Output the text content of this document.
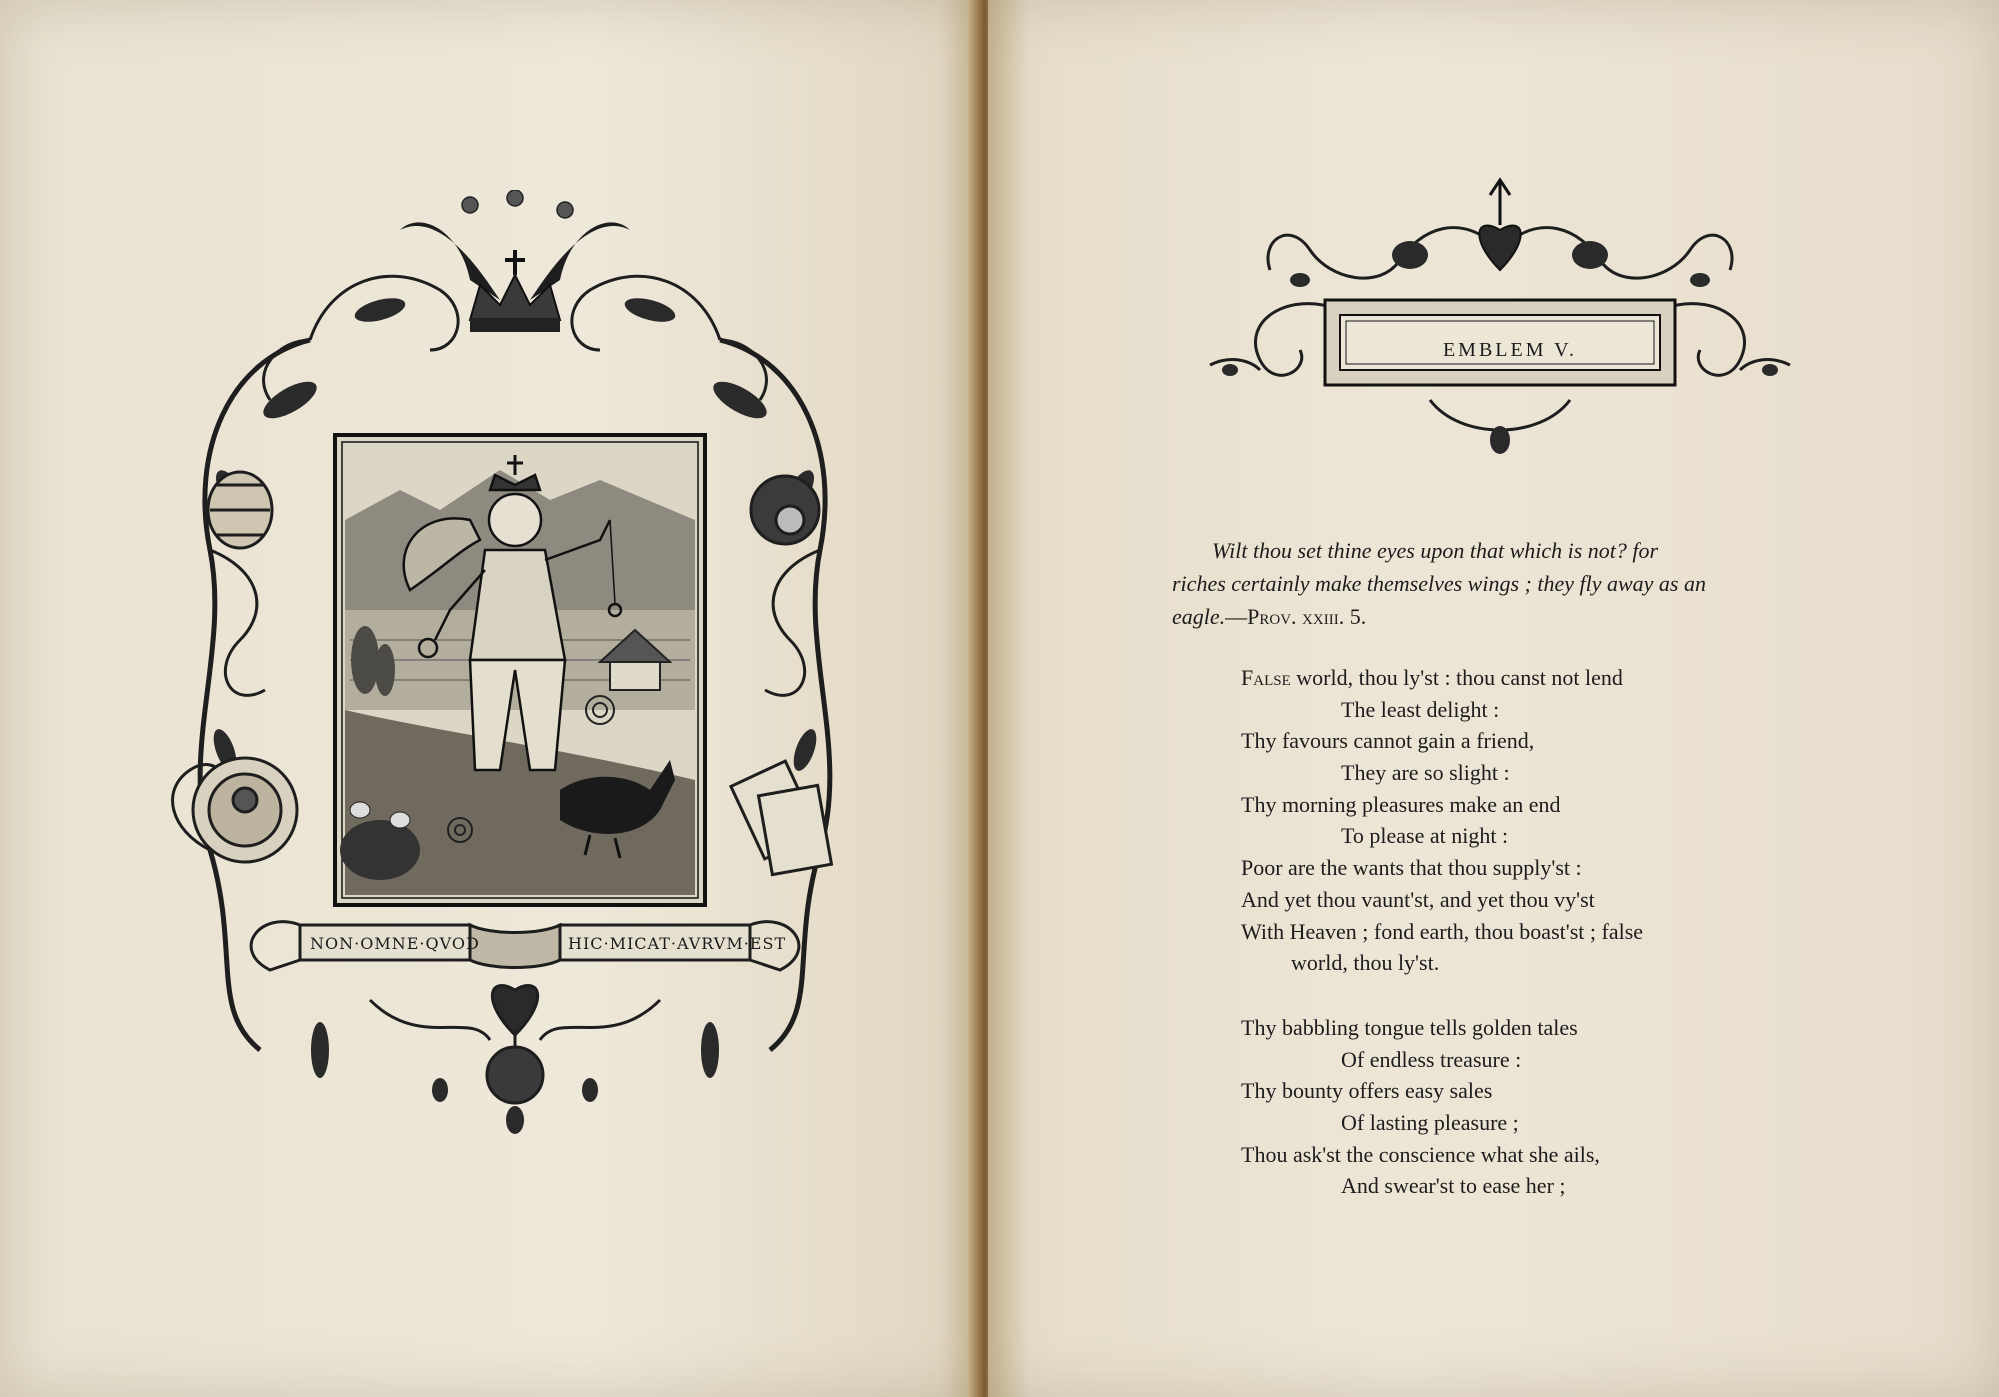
NON·OMNE·QVOD	HIC·MICAT·AVRVM·EST
EMBLEM V.
Wilt thou set thine eyes upon that which is not? for
riches certainly make themselves wings ; they fly away as an
eagle.—Prov. xxiii. 5.
False world, thou ly'st : thou canst not lend
The least delight :
Thy favours cannot gain a friend,
They are so slight :
Thy morning pleasures make an end
To please at night :
Poor are the wants that thou supply'st :
And yet thou vaunt'st, and yet thou vy'st
With Heaven ; fond earth, thou boast'st ; false
world, thou ly'st.
Thy babbling tongue tells golden tales
Of endless treasure :
Thy bounty offers easy sales
Of lasting pleasure ;
Thou ask'st the conscience what she ails,
And swear'st to ease her ;
